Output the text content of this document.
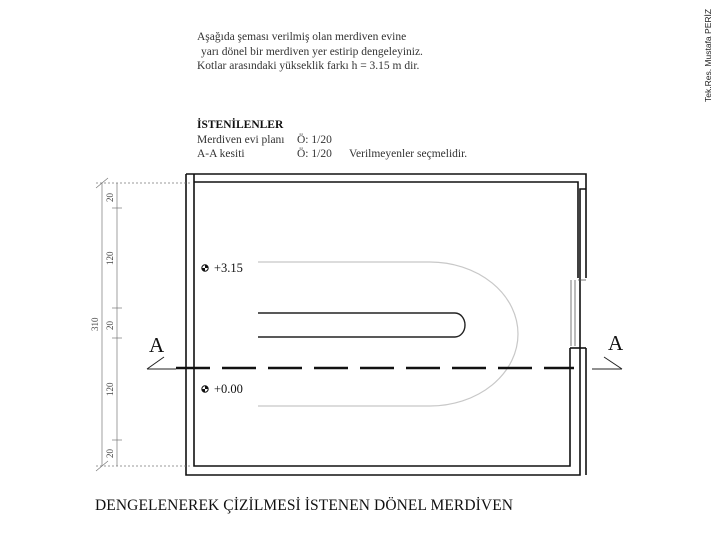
Aşağıda şeması verilmiş olan merdiven evine
yarı dönel bir merdiven yer estirip dengeleyiniz.
Kotlar arasındaki yükseklik farkı h = 3.15 m dir.
İSTENİLENLER
Merdiven evi planı Ö: 1/20
A-A kesiti	Ö: 1/20 Verilmeyenler seçmelidir.
Tek.Res. Mustafa PERİZ
A	A
+3.15
+0.00
310
20
120
20
120
20
DENGELENEREK ÇİZİLMESİ İSTENEN DÖNEL MERDİVEN
